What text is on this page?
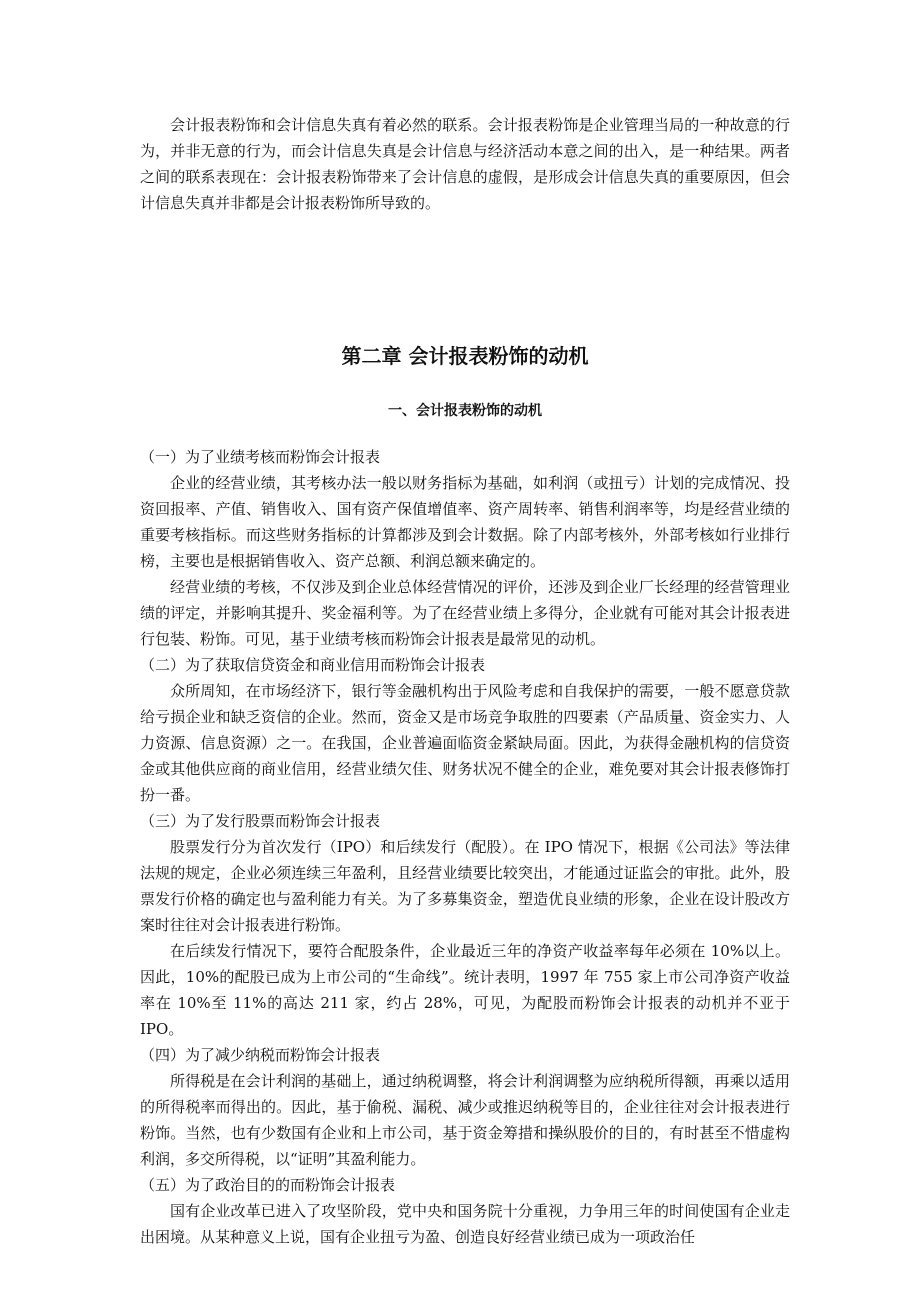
会计报表粉饰和会计信息失真有着必然的联系。会计报表粉饰是企业管理当局的一种故意的行为，并非无意的行为，而会计信息失真是会计信息与经济活动本意之间的出入，是一种结果。两者之间的联系表现在：会计报表粉饰带来了会计信息的虚假，是形成会计信息失真的重要原因，但会计信息失真并非都是会计报表粉饰所导致的。

第二章 会计报表粉饰的动机
一、会计报表粉饰的动机

（一）为了业绩考核而粉饰会计报表

企业的经营业绩，其考核办法一般以财务指标为基础，如利润（或扭亏）计划的完成情况、投资回报率、产值、销售收入、国有资产保值增值率、资产周转率、销售利润率等，均是经营业绩的重要考核指标。而这些财务指标的计算都涉及到会计数据。除了内部考核外，外部考核如行业排行榜，主要也是根据销售收入、资产总额、利润总额来确定的。

经营业绩的考核，不仅涉及到企业总体经营情况的评价，还涉及到企业厂长经理的经营管理业绩的评定，并影响其提升、奖金福利等。为了在经营业绩上多得分，企业就有可能对其会计报表进行包装、粉饰。可见，基于业绩考核而粉饰会计报表是最常见的动机。

（二）为了获取信贷资金和商业信用而粉饰会计报表

众所周知，在市场经济下，银行等金融机构出于风险考虑和自我保护的需要，一般不愿意贷款给亏损企业和缺乏资信的企业。然而，资金又是市场竞争取胜的四要素（产品质量、资金实力、人力资源、信息资源）之一。在我国，企业普遍面临资金紧缺局面。因此，为获得金融机构的信贷资金或其他供应商的商业信用，经营业绩欠佳、财务状况不健全的企业，难免要对其会计报表修饰打扮一番。

（三）为了发行股票而粉饰会计报表

股票发行分为首次发行（IPO）和后续发行（配股）。在 IPO 情况下，根据《公司法》等法律法规的规定，企业必须连续三年盈利，且经营业绩要比较突出，才能通过证监会的审批。此外，股票发行价格的确定也与盈利能力有关。为了多募集资金，塑造优良业绩的形象，企业在设计股改方案时往往对会计报表进行粉饰。

在后续发行情况下，要符合配股条件，企业最近三年的净资产收益率每年必须在 10%以上。因此，10%的配股已成为上市公司的“生命线”。统计表明，1997 年 755 家上市公司净资产收益率在 10%至 11%的高达 211 家，约占 28%，可见，为配股而粉饰会计报表的动机并不亚于 IPO。

（四）为了减少纳税而粉饰会计报表

所得税是在会计利润的基础上，通过纳税调整，将会计利润调整为应纳税所得额，再乘以适用的所得税率而得出的。因此，基于偷税、漏税、减少或推迟纳税等目的，企业往往对会计报表进行粉饰。当然，也有少数国有企业和上市公司，基于资金筹措和操纵股价的目的，有时甚至不惜虚构利润，多交所得税，以“证明”其盈利能力。

（五）为了政治目的的而粉饰会计报表

国有企业改革已进入了攻坚阶段，党中央和国务院十分重视，力争用三年的时间使国有企业走出困境。从某种意义上说，国有企业扭亏为盈、创造良好经营业绩已成为一项政治任
